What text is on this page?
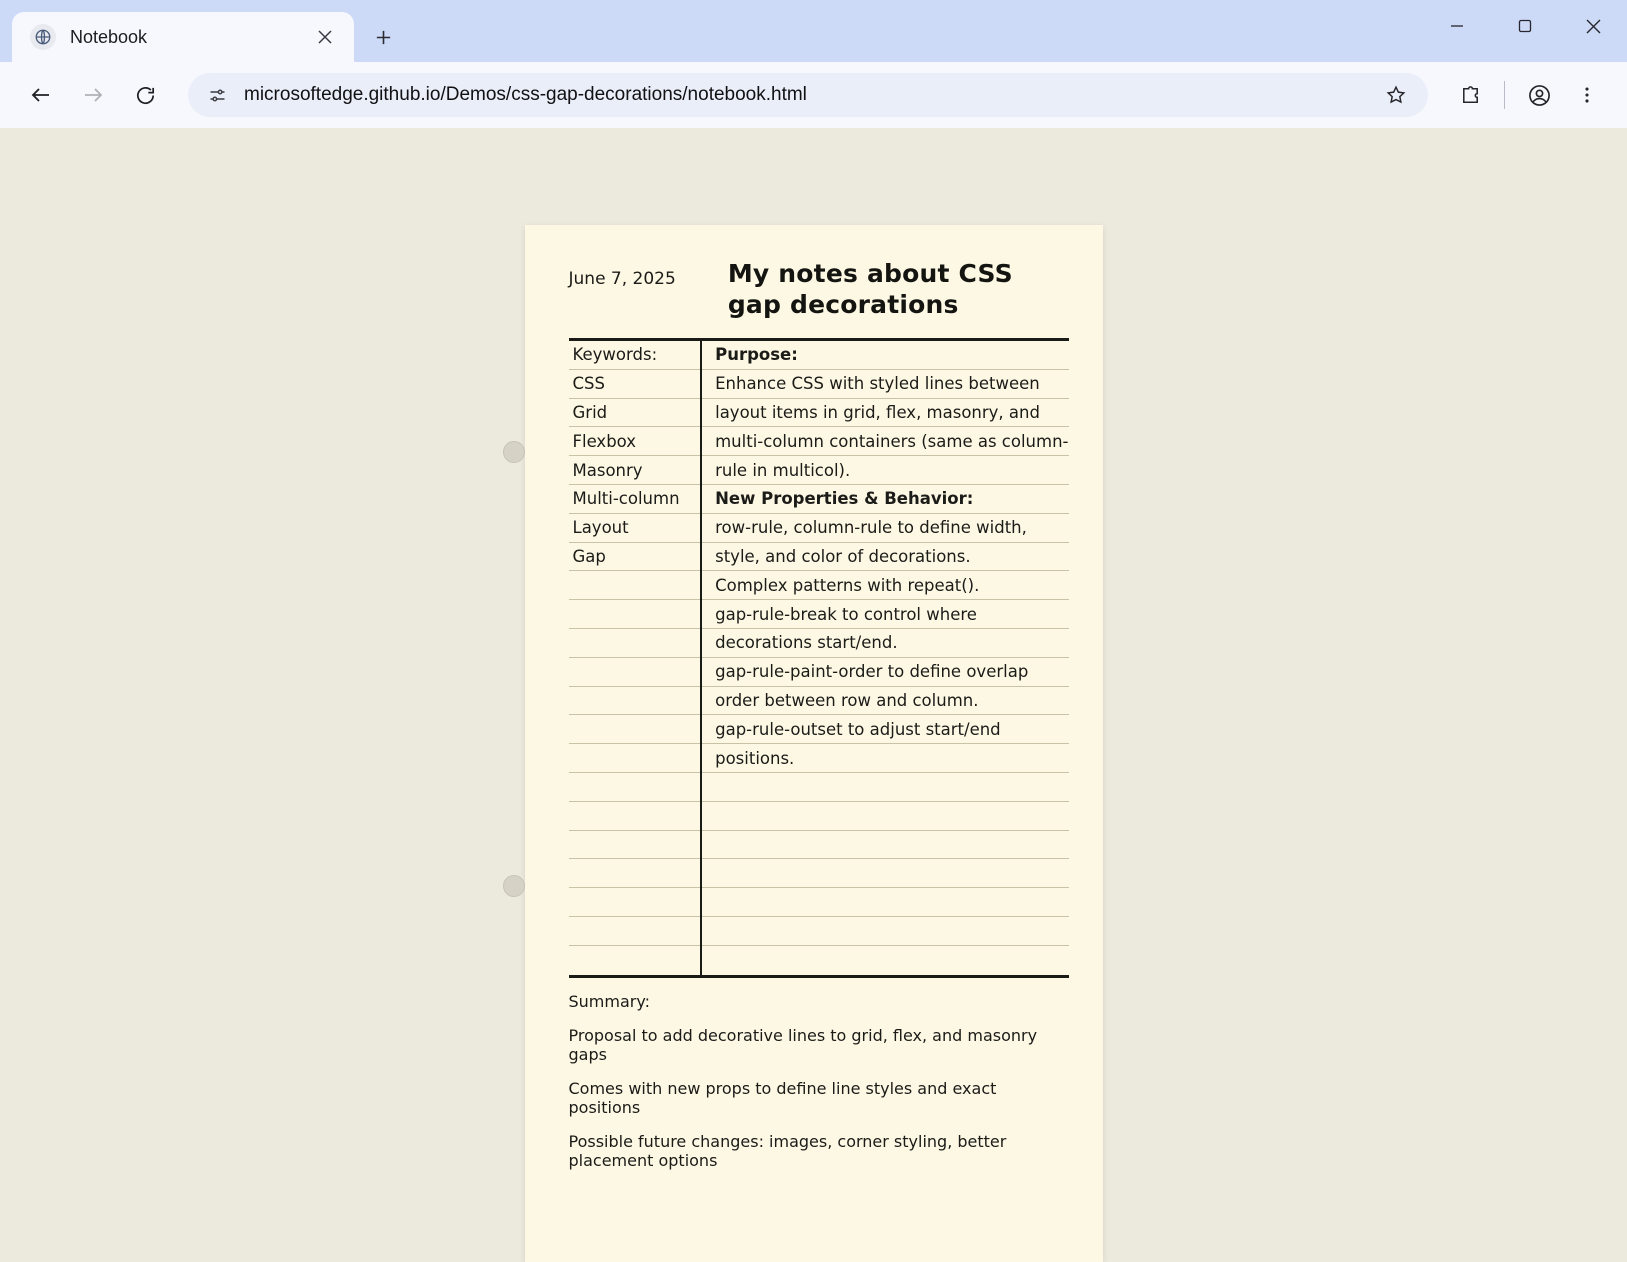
Notebook
microsoftedge.github.io/Demos/css-gap-decorations/notebook.html
June 7, 2025 My notes about CSS gap decorations
Keywords:
CSS
Grid
Flexbox
Masonry
Multi-column
Layout
Gap
Purpose:
Enhance CSS with styled lines between
layout items in grid, flex, masonry, and
multi-column containers (same as column-
rule in multicol).
New Properties & Behavior:
row-rule, column-rule to define width,
style, and color of decorations.
Complex patterns with repeat().
gap-rule-break to control where
decorations start/end.
gap-rule-paint-order to define overlap
order between row and column.
gap-rule-outset to adjust start/end
positions.
Summary:
Proposal to add decorative lines to grid, flex, and masonry gaps
Comes with new props to define line styles and exact positions
Possible future changes: images, corner styling, better placement options
